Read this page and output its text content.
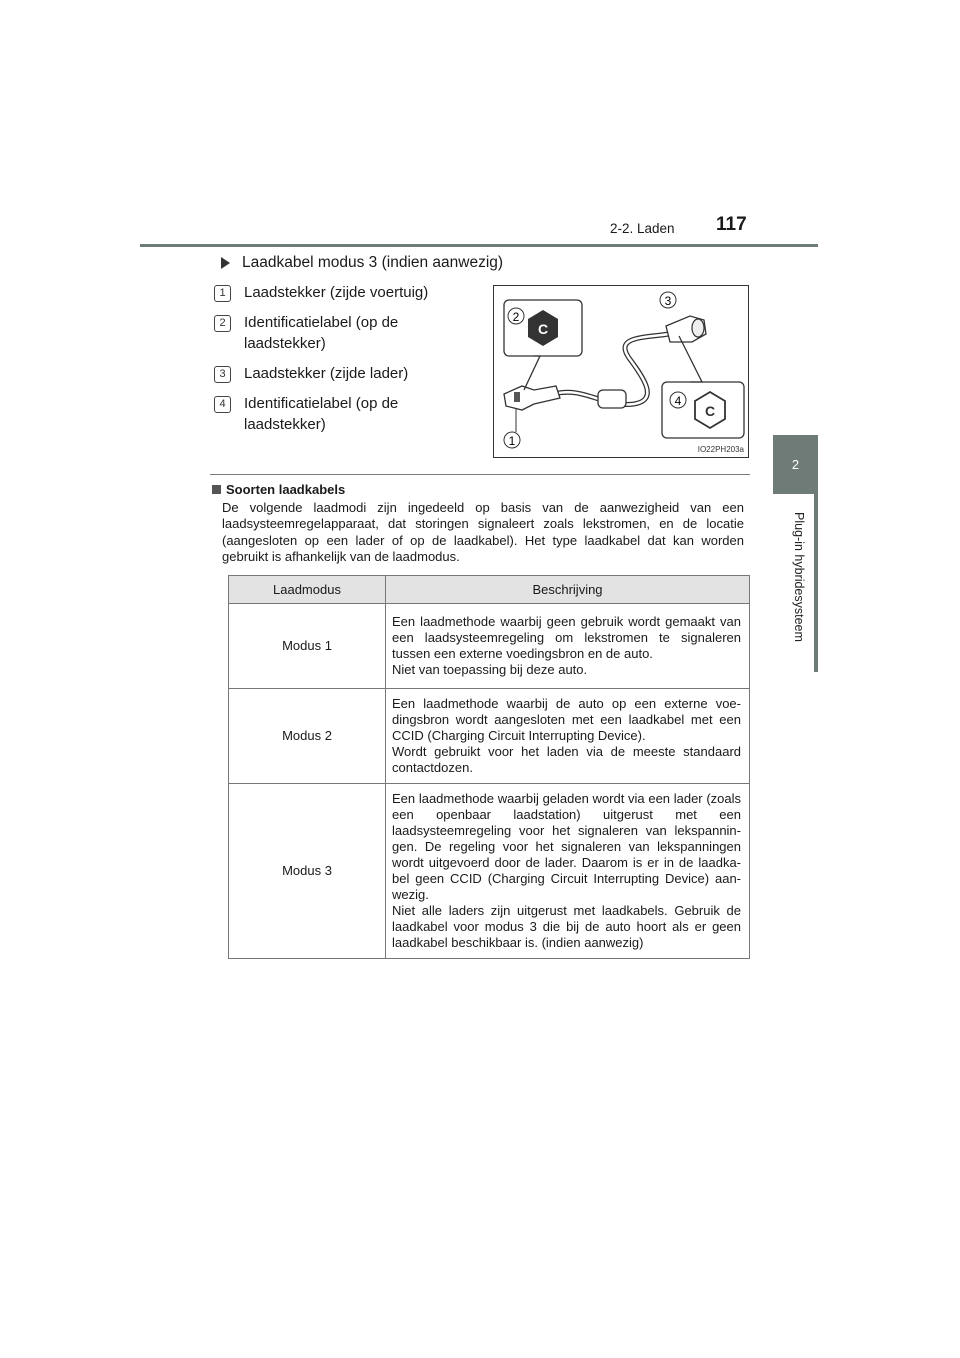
2-2. Laden 117
2
Plug-in hybridesysteem
Laadkabel modus 3 (indien aanwezig)
1	Laadstekker (zijde voertuig)
2	Identificatielabel (op de laadstekker)
3	Laadstekker (zijde lader)
4	Identificatielabel (op de laadstekker)
C
C
2
3
4
1
IO22PH203a
Soorten laadkabels
De volgende laadmodi zijn ingedeeld op basis van de aanwezigheid van een laadsysteemregelapparaat, dat storingen signaleert zoals lekstromen, en de locatie (aangesloten op een lader of op de laadkabel). Het type laadkabel dat kan worden gebruikt is afhankelijk van de laadmodus.
Laadmodus	Beschrijving
Modus 1	Een laadmethode waarbij geen gebruik wordt gemaakt van een laadsysteemregeling om lekstromen te signaleren tussen een externe voedingsbron en de auto.
Niet van toepassing bij deze auto.

Modus 2	Een laadmethode waarbij de auto op een externe voe-dingsbron wordt aangesloten met een laadkabel met een CCID (Charging Circuit Interrupting Device).
Wordt gebruikt voor het laden via de meeste standaard contactdozen.

Modus 3	Een laadmethode waarbij geladen wordt via een lader (zoals een openbaar laadstation) uitgerust met een laadsysteemregeling voor het signaleren van lekspannin-gen. De regeling voor het signaleren van lekspanningen wordt uitgevoerd door de lader. Daarom is er in de laadka-bel geen CCID (Charging Circuit Interrupting Device) aan-wezig.
Niet alle laders zijn uitgerust met laadkabels. Gebruik de laadkabel voor modus 3 die bij de auto hoort als er geen laadkabel beschikbaar is. (indien aanwezig)
